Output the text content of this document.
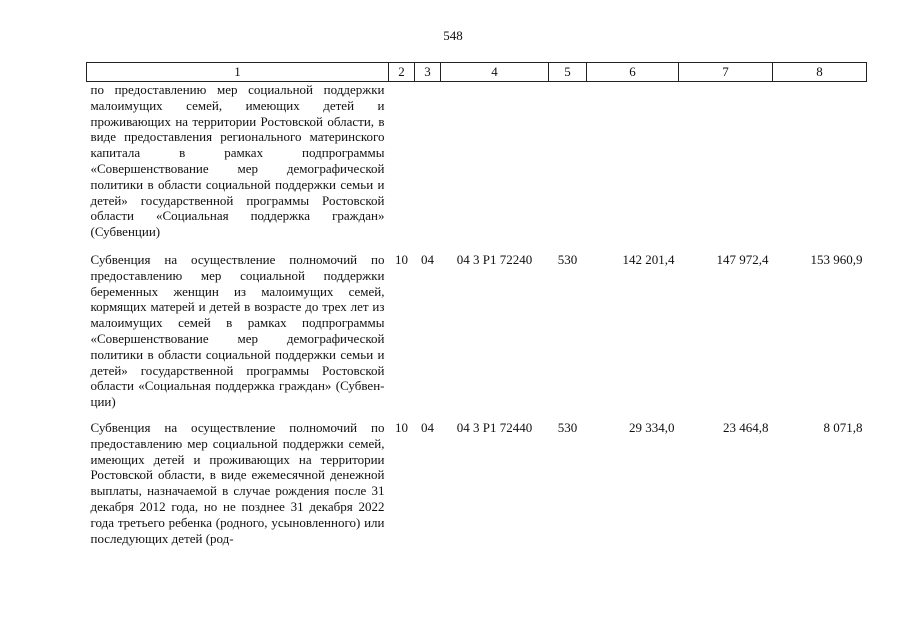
548
1	2	3	4	5	6	7	8
по предоставлению мер социальной поддержки малоимущих семей, имеющих детей и проживающих на территории Ростовской области, в виде предоставления регионального материнского капитала в рамках подпрограммы «Совершенствование мер демографической политики в области социальной поддержки семьи и детей» государственной программы Ростовской области «Социальная поддержка граждан» (Субвенции)							
Субвенция на осуществление полномочий по предоставлению мер социальной поддержки беременных женщин из малоимущих семей, кормящих матерей и детей в возрасте до трех лет из малоимущих семей в рамках подпрограммы «Совершенствование мер демографической политики в области социальной поддержки семьи и детей» государственной программы Ростовской области «Социальная поддержка граждан» (Субвенции)	10	04	04 3 P1 72240	530	142 201,4	147 972,4	153 960,9
Субвенция на осуществление полномочий по предоставлению мер социальной поддержки семей, имеющих детей и проживающих на территории Ростовской области, в виде ежемесячной денежной выплаты, назначаемой в случае рождения после 31 декабря 2012 года, но не позднее 31 декабря 2022 года третьего ребенка (родного, усыновленного) или последующих детей (род-	10	04	04 3 P1 72440	530	29 334,0	23 464,8	8 071,8
